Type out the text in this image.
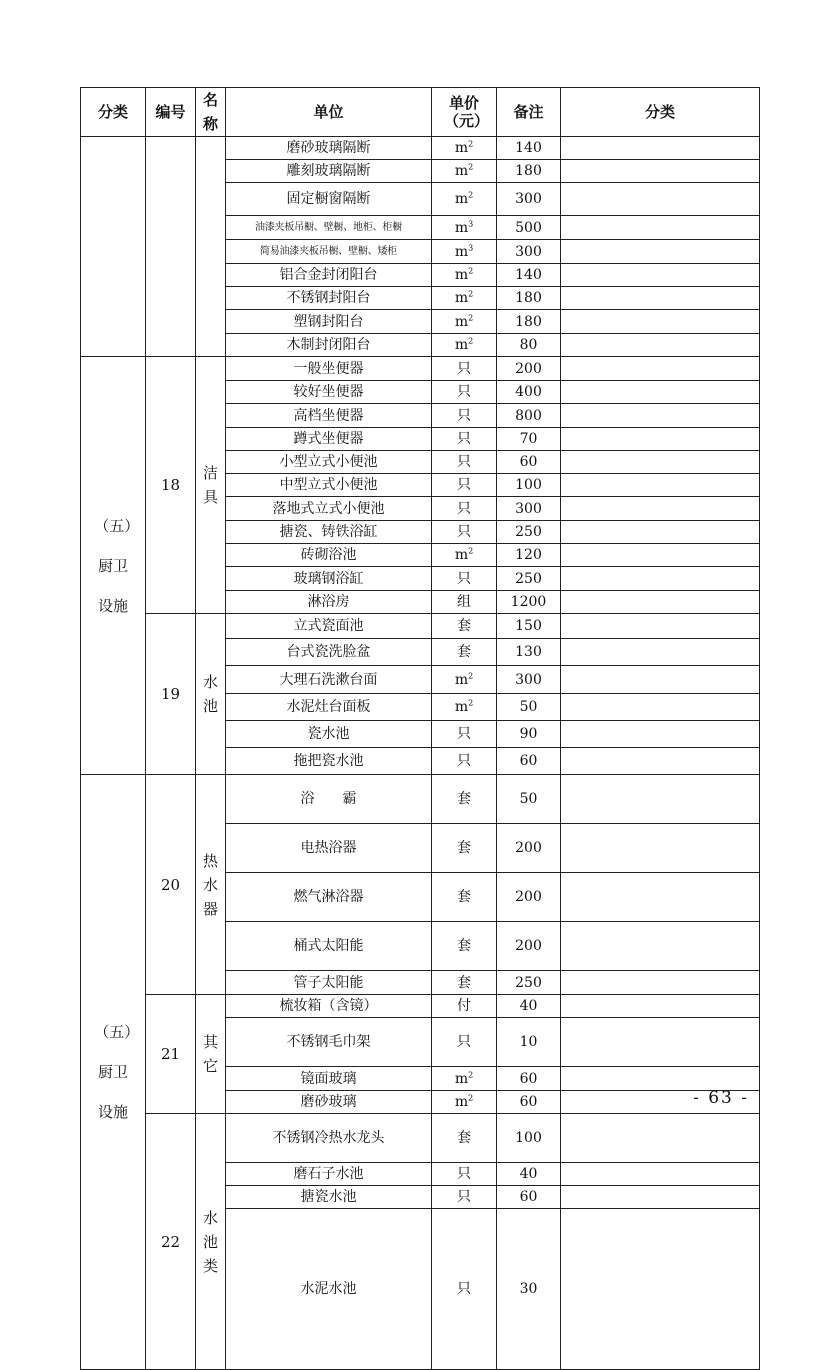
分类	编号	名称	单位	单价（元）	备注	分类	
			磨砂玻璃隔断	$m^2$	140		
			雕刻玻璃隔断	$m^2$	180		
			固定橱窗隔断	$m^2$	300		
			油漆夹板吊橱、壁橱、地柜、柜橱	$m^3$	500		
			简易油漆夹板吊橱、壁橱、矮柜	$m^3$	300		
			铝合金封闭阳台	$m^2$	140		
			不锈钢封阳台	$m^2$	180		
			塑钢封阳台	$m^2$	180		
			木制封闭阳台	$m^2$	80		
（五）厨卫设施	18	洁具	一般坐便器	只	200		
			较好坐便器	只	400		
			高档坐便器	只	800		
			蹲式坐便器	只	70		
			小型立式小便池	只	60		
			中型立式小便池	只	100		
			落地式立式小便池	只	300		
			搪瓷、铸铁浴缸	只	250		
			砖砌浴池	$m^2$	120		
			玻璃钢浴缸	只	250		
			淋浴房	组	1200		
	19	水池	立式瓷面池	套	150		
			台式瓷洗脸盆	套	130		
			大理石洗漱台面	$m^2$	300		
			水泥灶台面板	$m^2$	50		
			瓷水池	只	90		
			拖把瓷水池	只	60		
（五）厨卫设施	20	热水器	浴　　霸	套	50		
			电热浴器	套	200		
			燃气淋浴器	套	200		
			桶式太阳能	套	200		
			管子太阳能	套	250		
	21	其它	梳妆箱（含镜）	付	40		
			不锈钢毛巾架	只	10		
			镜面玻璃	$m^2$	60		
			磨砂玻璃	$m^2$	60		
	22	水池类	不锈钢冷热水龙头	套	100		
			磨石子水池	只	40		
			搪瓷水池	只	60		
			水泥水池	只	30		
- 63 -
